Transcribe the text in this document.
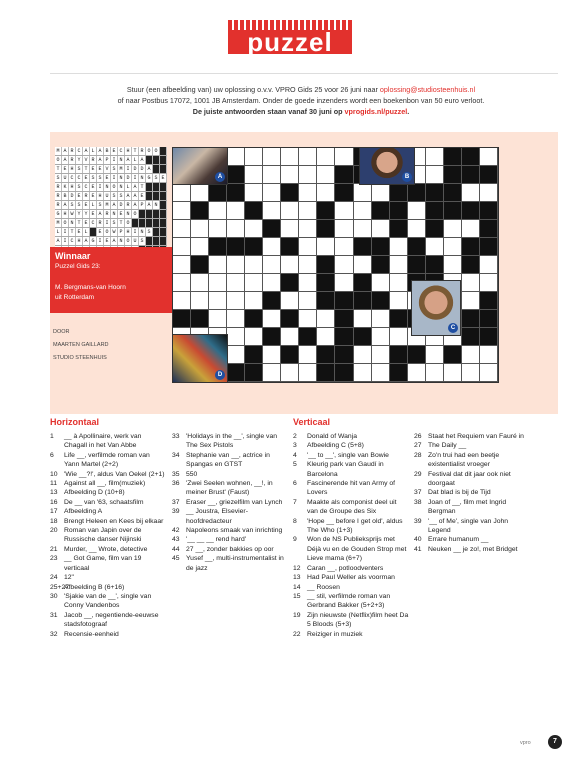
puzzel
Stuur (een afbeelding van) uw oplossing o.v.v. VPRO Gids 25 voor 26 juni naar oplossing@studiosteenhuis.nl
of naar Postbus 17072, 1001 JB Amsterdam. Onder de goede inzenders wordt een boekenbon van 50 euro verloot.
De juiste antwoorden staan vanaf 30 juni op vprogids.nl/puzzel.
M A R C A L A B E C H T R O O
O A R Y V R A P I N A L A
T E H S T E E V S M I D D A
S U C C E S S E I N D I N G S E
R K H S C E I N O N L A T
R B D E R E H U S S A A E
R A S S E L S M A D R A P A N
G H W Y Y E A R N E N O
M O N T E C R I S T O
L I T E L	E O W P H I N S
A I C H A G I E A N O U S
Winnaar
Puzzel Gids 23:
M. Bergmans-van Hoorn
uit Rotterdam
DOOR
MAARTEN GAILLARD
STUDIO STEENHUIS
A	B
C
D
Horizontaal	Verticaal
1	__ à Apollinaire, werk van Chagall in het Van Abbe
6	Life __, verfilmde roman van Yann Martel (2+2)
10 'Wie __?!', aldus Van Oekel (2+1)
11	Against all __, film(muziek)
13 Afbeelding D (10+8)
16 De __ van '63, schaatsfilm
17 Afbeelding A
18 Brengt Heleen en Kees bij elkaar
20 Roman van Japin over de Russische danser Nijinski
21 Murder, __ Wrote, detective
23 __ Got Game, film van 19 verticaal
24 12"
25+27
Afbeelding B (6+16)
30 'Sjakie van de __', single van Conny Vandenbos
31 Jacob __, negentiende-eeuwse stadsfotograaf
32 Recensie-eenheid
33 'Holidays in the __', single van The Sex Pistols
34 Stephanie van __, actrice in Spangas en GTST
35 550
36 'Zwei Seelen wohnen, __!, in meiner Brust' (Faust)
37 Eraser __, griezelfilm van Lynch
39 __ Joustra, Elsevier-hoofdredacteur
42 Napoleons smaak van inrichting
43 '__ __ __ rend hard'
44 27 __, zonder bakkies op oor
45 Yusef __, multi-instrumentalist in de jazz
2	Donald of Wanja
3	Afbeelding C (5+8)
4	'__ to __', single van Bowie
5	Kleurig park van Gaudí in Barcelona
6	Fascinerende hit van Army of Lovers
7	Maakte als componist deel uit van de Groupe des Six
8	'Hope __ before I get old', aldus The Who (1+3)
9	Won de NS Publieksprijs met Déjà vu en de Gouden Strop met Lieve mama (6+7)
12 Caran __, potloodventers
13 Had Paul Weller als voorman
14 __ Roosen
15 __ stil, verfilmde roman van Gerbrand Bakker (5+2+3)
19 Zijn nieuwste (Netflix)film heet Da 5 Bloods (5+3)
22 Reiziger in muziek
26 Staat het Requiem van Fauré in
27 The Daily __
28 Zo'n trui had een beetje existentialist vroeger
29 Festival dat dit jaar ook niet doorgaat
37 Dat blad is bij de Tijd
38 Joan of __, film met Ingrid Bergman
39 '__ of Me', single van John Legend
40 Errare humanum __
41 Neuken __ je zo!, met Bridget
vpro	7
